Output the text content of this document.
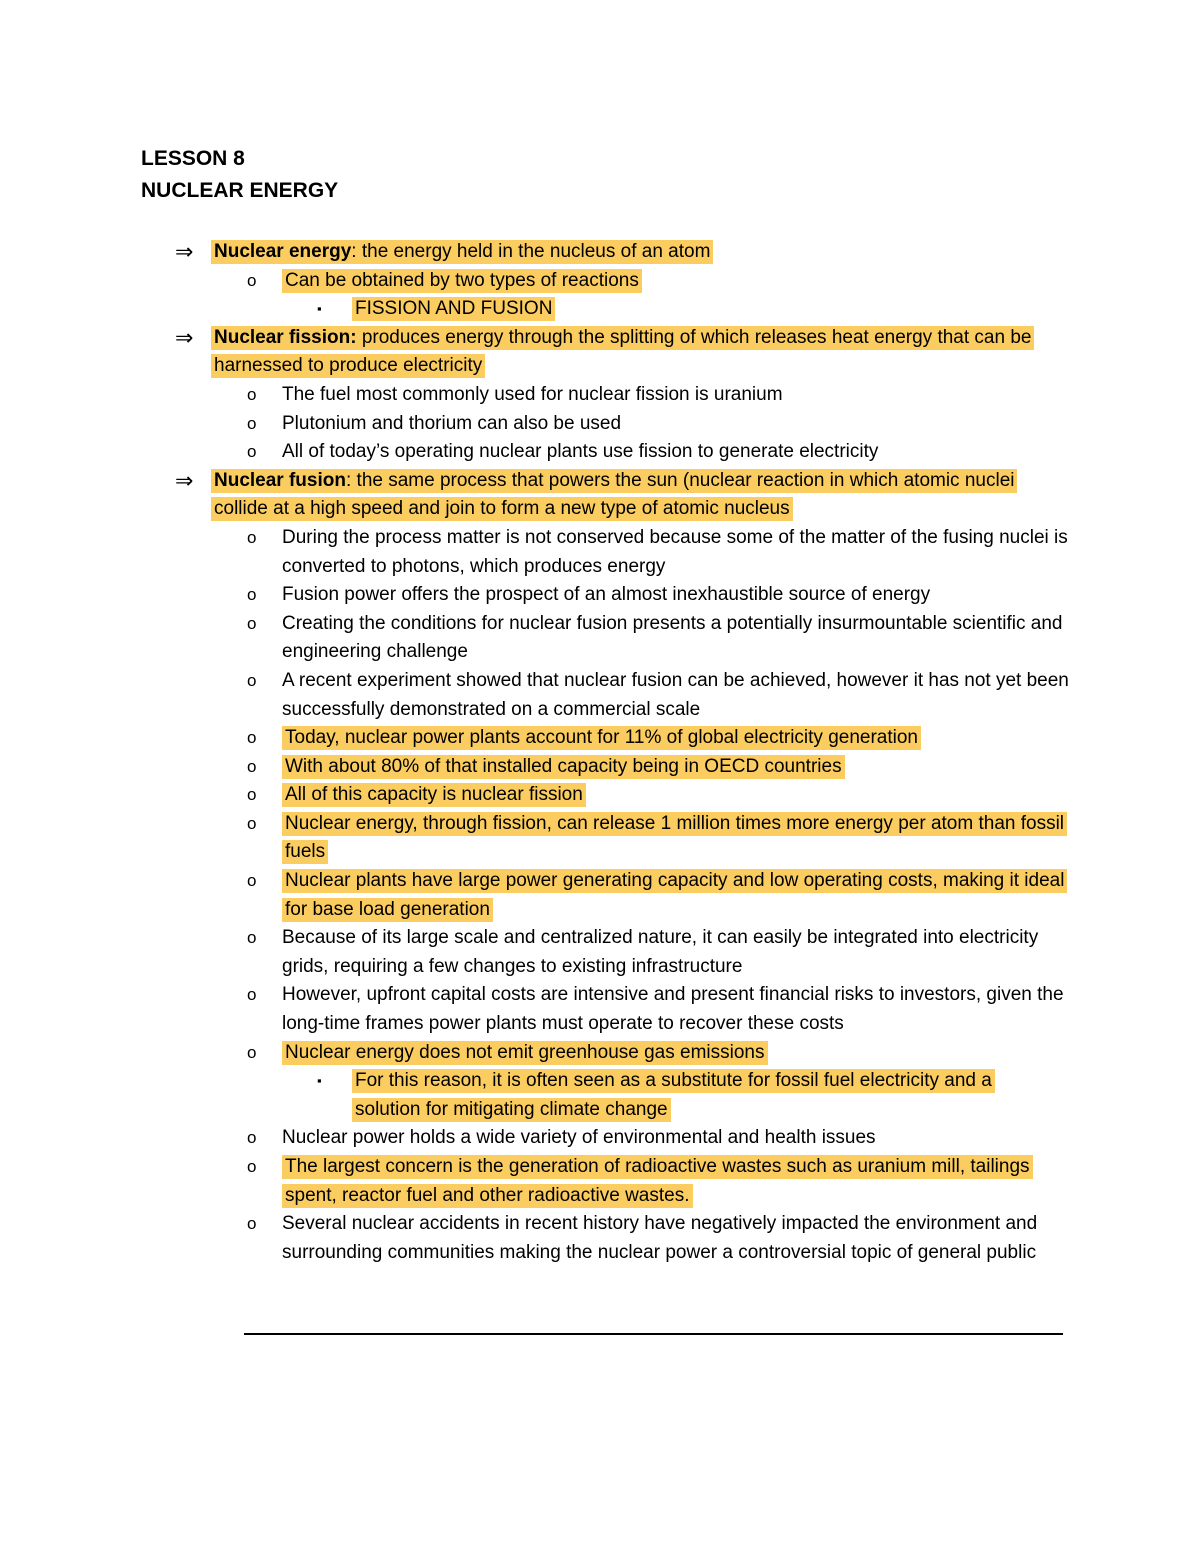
LESSON 8
NUCLEAR ENERGY
⇒ Nuclear energy: the energy held in the nucleus of an atom
o Can be obtained by two types of reactions
▪ FISSION AND FUSION
⇒ Nuclear fission: produces energy through the splitting of which releases heat energy that can be harnessed to produce electricity
o The fuel most commonly used for nuclear fission is uranium
o Plutonium and thorium can also be used
o All of today’s operating nuclear plants use fission to generate electricity
⇒ Nuclear fusion: the same process that powers the sun (nuclear reaction in which atomic nuclei collide at a high speed and join to form a new type of atomic nucleus
o During the process matter is not conserved because some of the matter of the fusing nuclei is converted to photons, which produces energy
o Fusion power offers the prospect of an almost inexhaustible source of energy
o Creating the conditions for nuclear fusion presents a potentially insurmountable scientific and engineering challenge
o A recent experiment showed that nuclear fusion can be achieved, however it has not yet been successfully demonstrated on a commercial scale
o Today, nuclear power plants account for 11% of global electricity generation
o With about 80% of that installed capacity being in OECD countries
o All of this capacity is nuclear fission
o Nuclear energy, through fission, can release 1 million times more energy per atom than fossil fuels
o Nuclear plants have large power generating capacity and low operating costs, making it ideal for base load generation
o Because of its large scale and centralized nature, it can easily be integrated into electricity grids, requiring a few changes to existing infrastructure
o However, upfront capital costs are intensive and present financial risks to investors, given the long-time frames power plants must operate to recover these costs
o Nuclear energy does not emit greenhouse gas emissions
▪ For this reason, it is often seen as a substitute for fossil fuel electricity and a solution for mitigating climate change
o Nuclear power holds a wide variety of environmental and health issues
o The largest concern is the generation of radioactive wastes such as uranium mill, tailings spent, reactor fuel and other radioactive wastes.
o Several nuclear accidents in recent history have negatively impacted the environment and surrounding communities making the nuclear power a controversial topic of general public
